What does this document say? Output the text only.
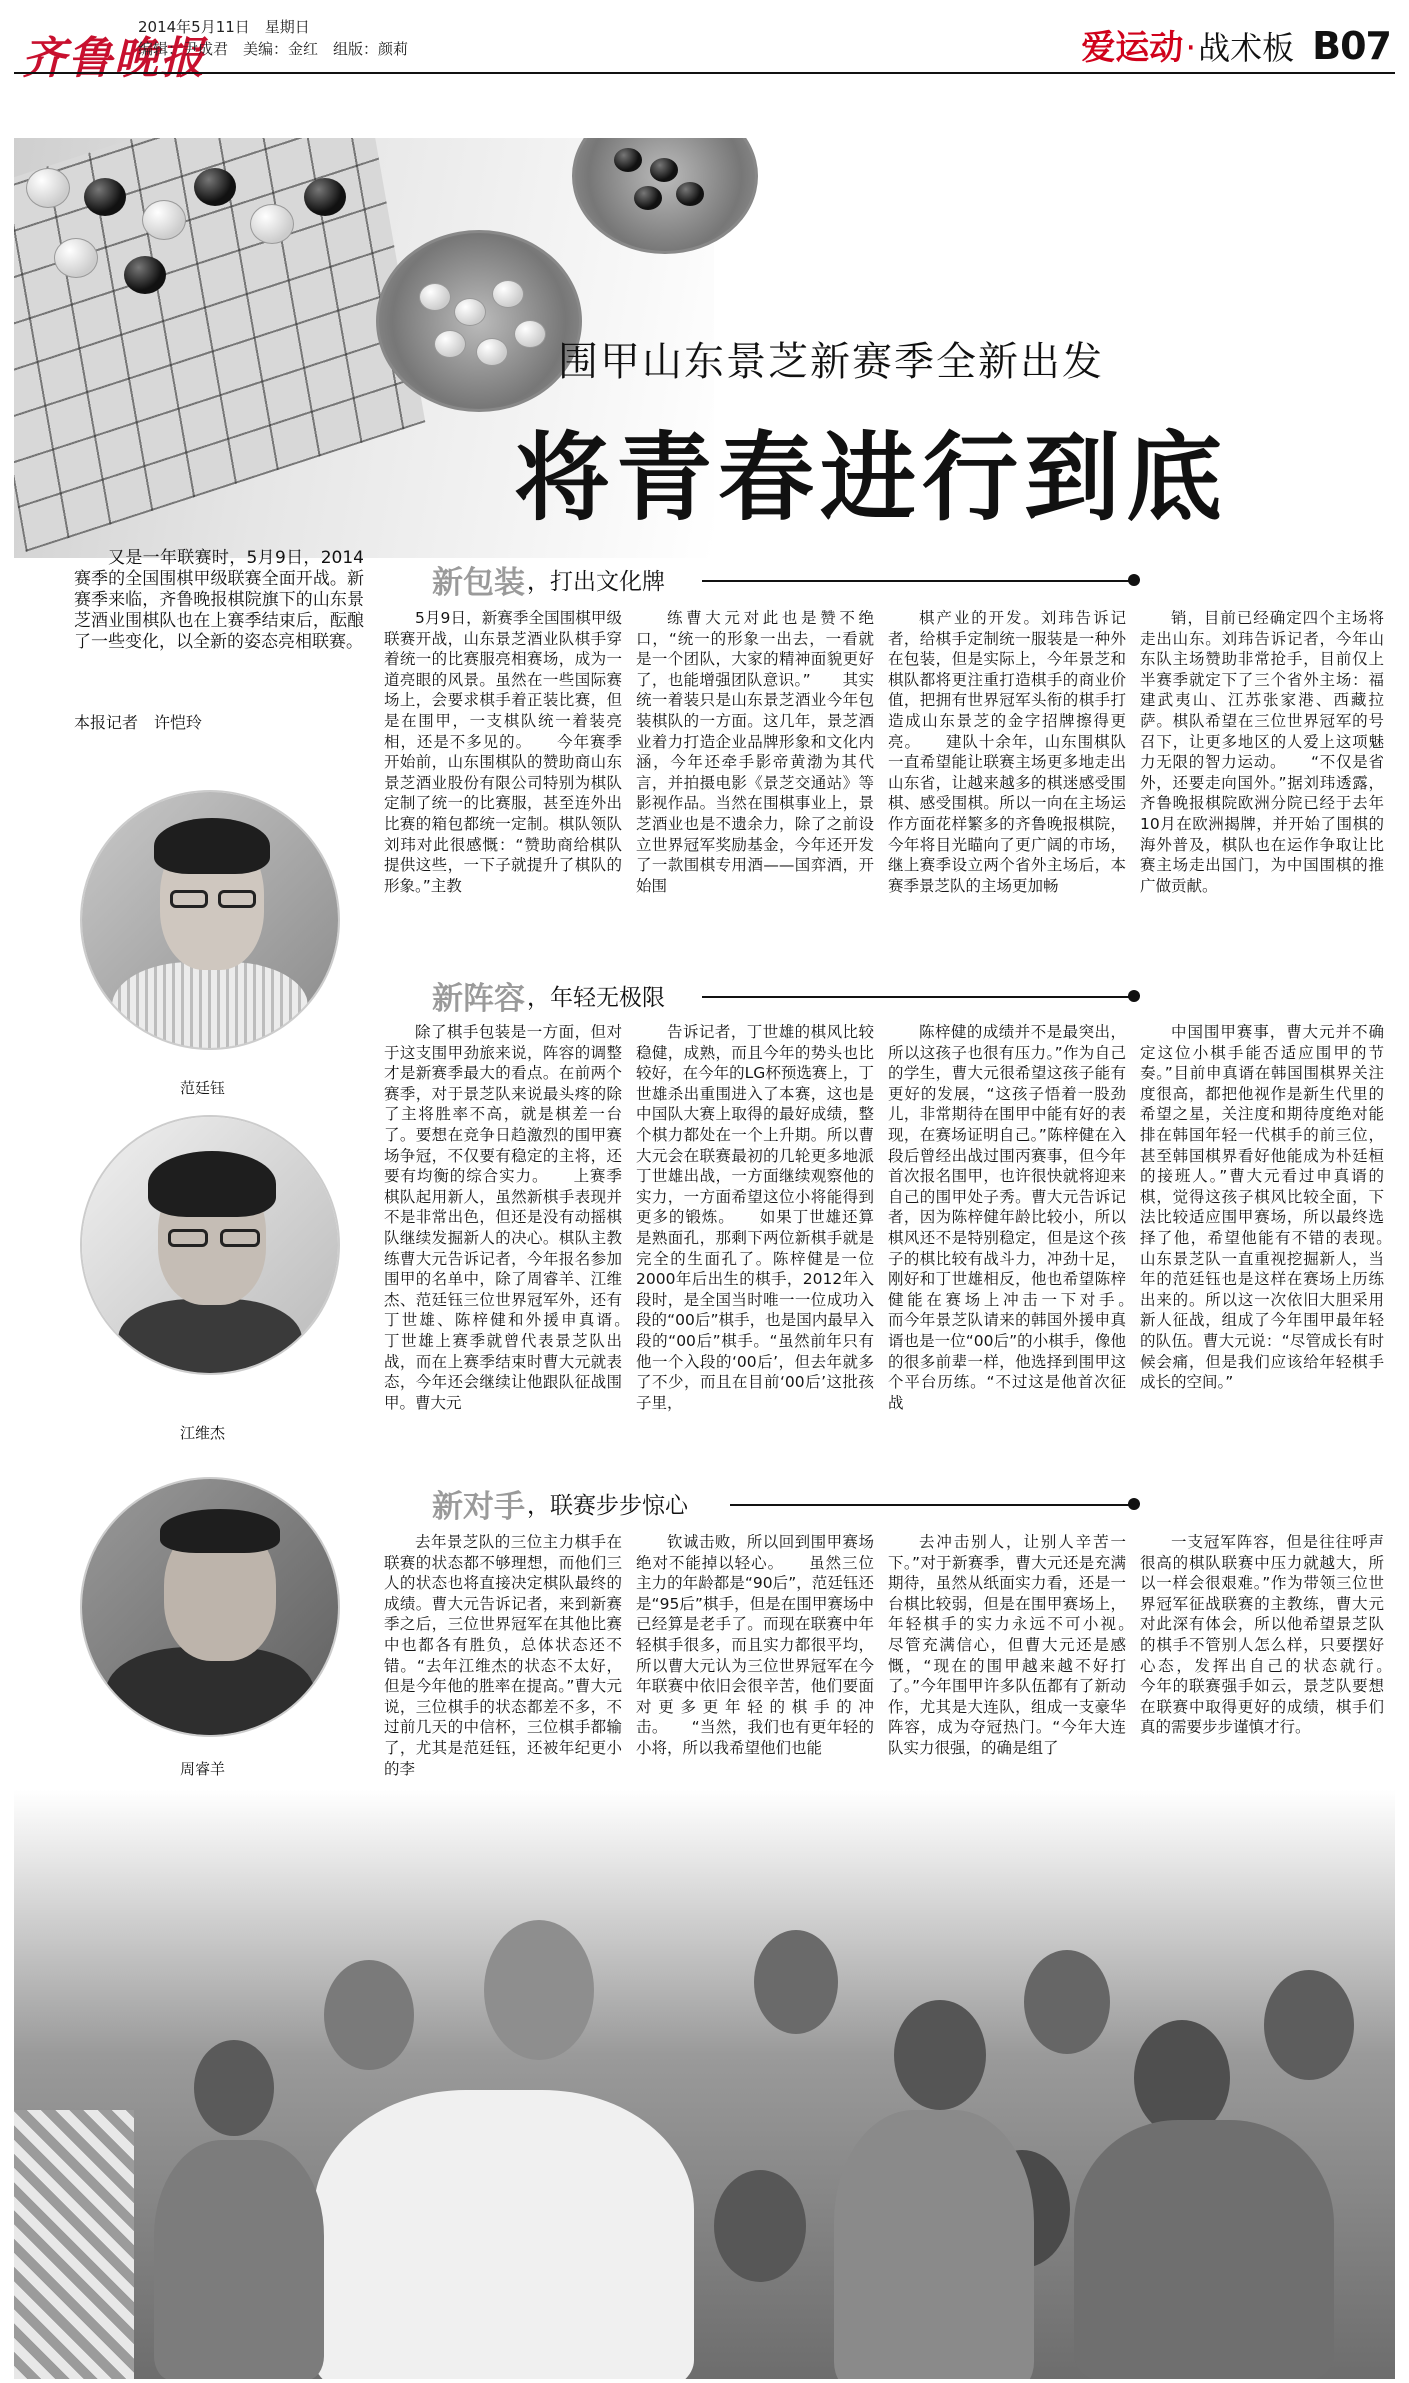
齐鲁晚报
2014年5月11日　星期日
编辑：尹成君　美编：金红　组版：颜莉	爱运动 · 战术板 B07
围甲山东景芝新赛季全新出发
将青春进行到底

又是一年联赛时，5月9日，2014赛季的全国围棋甲级联赛全面开战。新赛季来临，齐鲁晚报棋院旗下的山东景芝酒业围棋队也在上赛季结束后，酝酿了一些变化，以全新的姿态亮相联赛。

本报记者　许恺玲
范廷钰
江维杰
周睿羊
新包装 ，打出文化牌

5月9日，新赛季全国围棋甲级联赛开战，山东景芝酒业队棋手穿着统一的比赛服亮相赛场，成为一道亮眼的风景。虽然在一些国际赛场上，会要求棋手着正装比赛，但是在围甲，一支棋队统一着装亮相，还是不多见的。　　今年赛季开始前，山东围棋队的赞助商山东景芝酒业股份有限公司特别为棋队定制了统一的比赛服，甚至连外出比赛的箱包都统一定制。棋队领队刘玮对此很感慨：“赞助商给棋队提供这些，一下子就提升了棋队的形象。”主教

练曹大元对此也是赞不绝口，“统一的形象一出去，一看就是一个团队，大家的精神面貌更好了，也能增强团队意识。”　　其实统一着装只是山东景芝酒业今年包装棋队的一方面。这几年，景芝酒业着力打造企业品牌形象和文化内涵，今年还牵手影帝黄渤为其代言，并拍摄电影《景芝交通站》等影视作品。当然在围棋事业上，景芝酒业也是不遗余力，除了之前设立世界冠军奖励基金，今年还开发了一款围棋专用酒——国弈酒，开始围

棋产业的开发。刘玮告诉记者，给棋手定制统一服装是一种外在包装，但是实际上，今年景芝和棋队都将更注重打造棋手的商业价值，把拥有世界冠军头衔的棋手打造成山东景芝的金字招牌擦得更亮。　　建队十余年，山东围棋队一直希望能让联赛主场更多地走出山东省，让越来越多的棋迷感受围棋、感受围棋。所以一向在主场运作方面花样繁多的齐鲁晚报棋院，今年将目光瞄向了更广阔的市场，继上赛季设立两个省外主场后，本赛季景芝队的主场更加畅

销，目前已经确定四个主场将走出山东。刘玮告诉记者，今年山东队主场赞助非常抢手，目前仅上半赛季就定下了三个省外主场：福建武夷山、江苏张家港、西藏拉萨。棋队希望在三位世界冠军的号召下，让更多地区的人爱上这项魅力无限的智力运动。　　“不仅是省外，还要走向国外。”据刘玮透露，齐鲁晚报棋院欧洲分院已经于去年10月在欧洲揭牌，并开始了围棋的海外普及，棋队也在运作争取让比赛主场走出国门，为中国围棋的推广做贡献。

新阵容 ，年轻无极限

除了棋手包装是一方面，但对于这支围甲劲旅来说，阵容的调整才是新赛季最大的看点。在前两个赛季，对于景芝队来说最头疼的除了主将胜率不高，就是棋差一台了。要想在竞争日趋激烈的围甲赛场争冠，不仅要有稳定的主将，还要有均衡的综合实力。　　上赛季棋队起用新人，虽然新棋手表现并不是非常出色，但还是没有动摇棋队继续发掘新人的决心。棋队主教练曹大元告诉记者，今年报名参加围甲的名单中，除了周睿羊、江维杰、范廷钰三位世界冠军外，还有丁世雄、陈梓健和外援申真谞。　　丁世雄上赛季就曾代表景芝队出战，而在上赛季结束时曹大元就表态，今年还会继续让他跟队征战围甲。曹大元

告诉记者，丁世雄的棋风比较稳健，成熟，而且今年的势头也比较好，在今年的LG杯预选赛上，丁世雄杀出重围进入了本赛，这也是中国队大赛上取得的最好成绩，整个棋力都处在一个上升期。所以曹大元会在联赛最初的几轮更多地派丁世雄出战，一方面继续观察他的实力，一方面希望这位小将能得到更多的锻炼。　　如果丁世雄还算是熟面孔，那剩下两位新棋手就是完全的生面孔了。陈梓健是一位2000年后出生的棋手，2012年入段时，是全国当时唯一一位成功入段的“00后”棋手，也是国内最早入段的“00后”棋手。“虽然前年只有他一个入段的‘00后’，但去年就多了不少，而且在目前‘00后’这批孩子里，

陈梓健的成绩并不是最突出，所以这孩子也很有压力。”作为自己的学生，曹大元很希望这孩子能有更好的发展，“这孩子悟着一股劲儿，非常期待在围甲中能有好的表现，在赛场证明自己。”陈梓健在入段后曾经出战过围丙赛事，但今年首次报名围甲，也许很快就将迎来自己的围甲处子秀。曹大元告诉记者，因为陈梓健年龄比较小，所以棋风还不是特别稳定，但是这个孩子的棋比较有战斗力，冲劲十足，刚好和丁世雄相反，他也希望陈梓健能在赛场上冲击一下对手。　　而今年景芝队请来的韩国外援申真谞也是一位“00后”的小棋手，像他的很多前辈一样，他选择到围甲这个平台历练。“不过这是他首次征战

中国围甲赛事，曹大元并不确定这位小棋手能否适应围甲的节奏。”目前申真谞在韩国围棋界关注度很高，都把他视作是新生代里的希望之星，关注度和期待度绝对能排在韩国年轻一代棋手的前三位，甚至韩国棋界看好他能成为朴廷桓的接班人。”曹大元看过申真谞的棋，觉得这孩子棋风比较全面，下法比较适应围甲赛场，所以最终选择了他，希望他能有不错的表现。　　山东景芝队一直重视挖掘新人，当年的范廷钰也是这样在赛场上历练出来的。所以这一次依旧大胆采用新人征战，组成了今年围甲最年轻的队伍。曹大元说：“尽管成长有时候会痛，但是我们应该给年轻棋手成长的空间。”

新对手 ，联赛步步惊心

去年景芝队的三位主力棋手在联赛的状态都不够理想，而他们三人的状态也将直接决定棋队最终的成绩。曹大元告诉记者，来到新赛季之后，三位世界冠军在其他比赛中也都各有胜负，总体状态还不错。“去年江维杰的状态不太好，但是今年他的胜率在提高。”曹大元说，三位棋手的状态都差不多，不过前几天的中信杯，三位棋手都输了，尤其是范廷钰，还被年纪更小的李

钦诚击败，所以回到围甲赛场绝对不能掉以轻心。　　虽然三位主力的年龄都是“90后”，范廷钰还是“95后”棋手，但是在围甲赛场中已经算是老手了。而现在联赛中年轻棋手很多，而且实力都很平均，所以曹大元认为三位世界冠军在今年联赛中依旧会很辛苦，他们要面对更多更年轻的棋手的冲击。　　“当然，我们也有更年轻的小将，所以我希望他们也能

去冲击别人，让别人辛苦一下。”对于新赛季，曹大元还是充满期待，虽然从纸面实力看，还是一台棋比较弱，但是在围甲赛场上，年轻棋手的实力永远不可小视。　　尽管充满信心，但曹大元还是感慨，“现在的围甲越来越不好打了。”今年围甲许多队伍都有了新动作，尤其是大连队，组成一支豪华阵容，成为夺冠热门。“今年大连队实力很强，的确是组了

一支冠军阵容，但是往往呼声很高的棋队联赛中压力就越大，所以一样会很艰难。”作为带领三位世界冠军征战联赛的主教练，曹大元对此深有体会，所以他希望景芝队的棋手不管别人怎么样，只要摆好心态，发挥出自己的状态就行。　　今年的联赛强手如云，景芝队要想在联赛中取得更好的成绩，棋手们真的需要步步谨慎才行。
